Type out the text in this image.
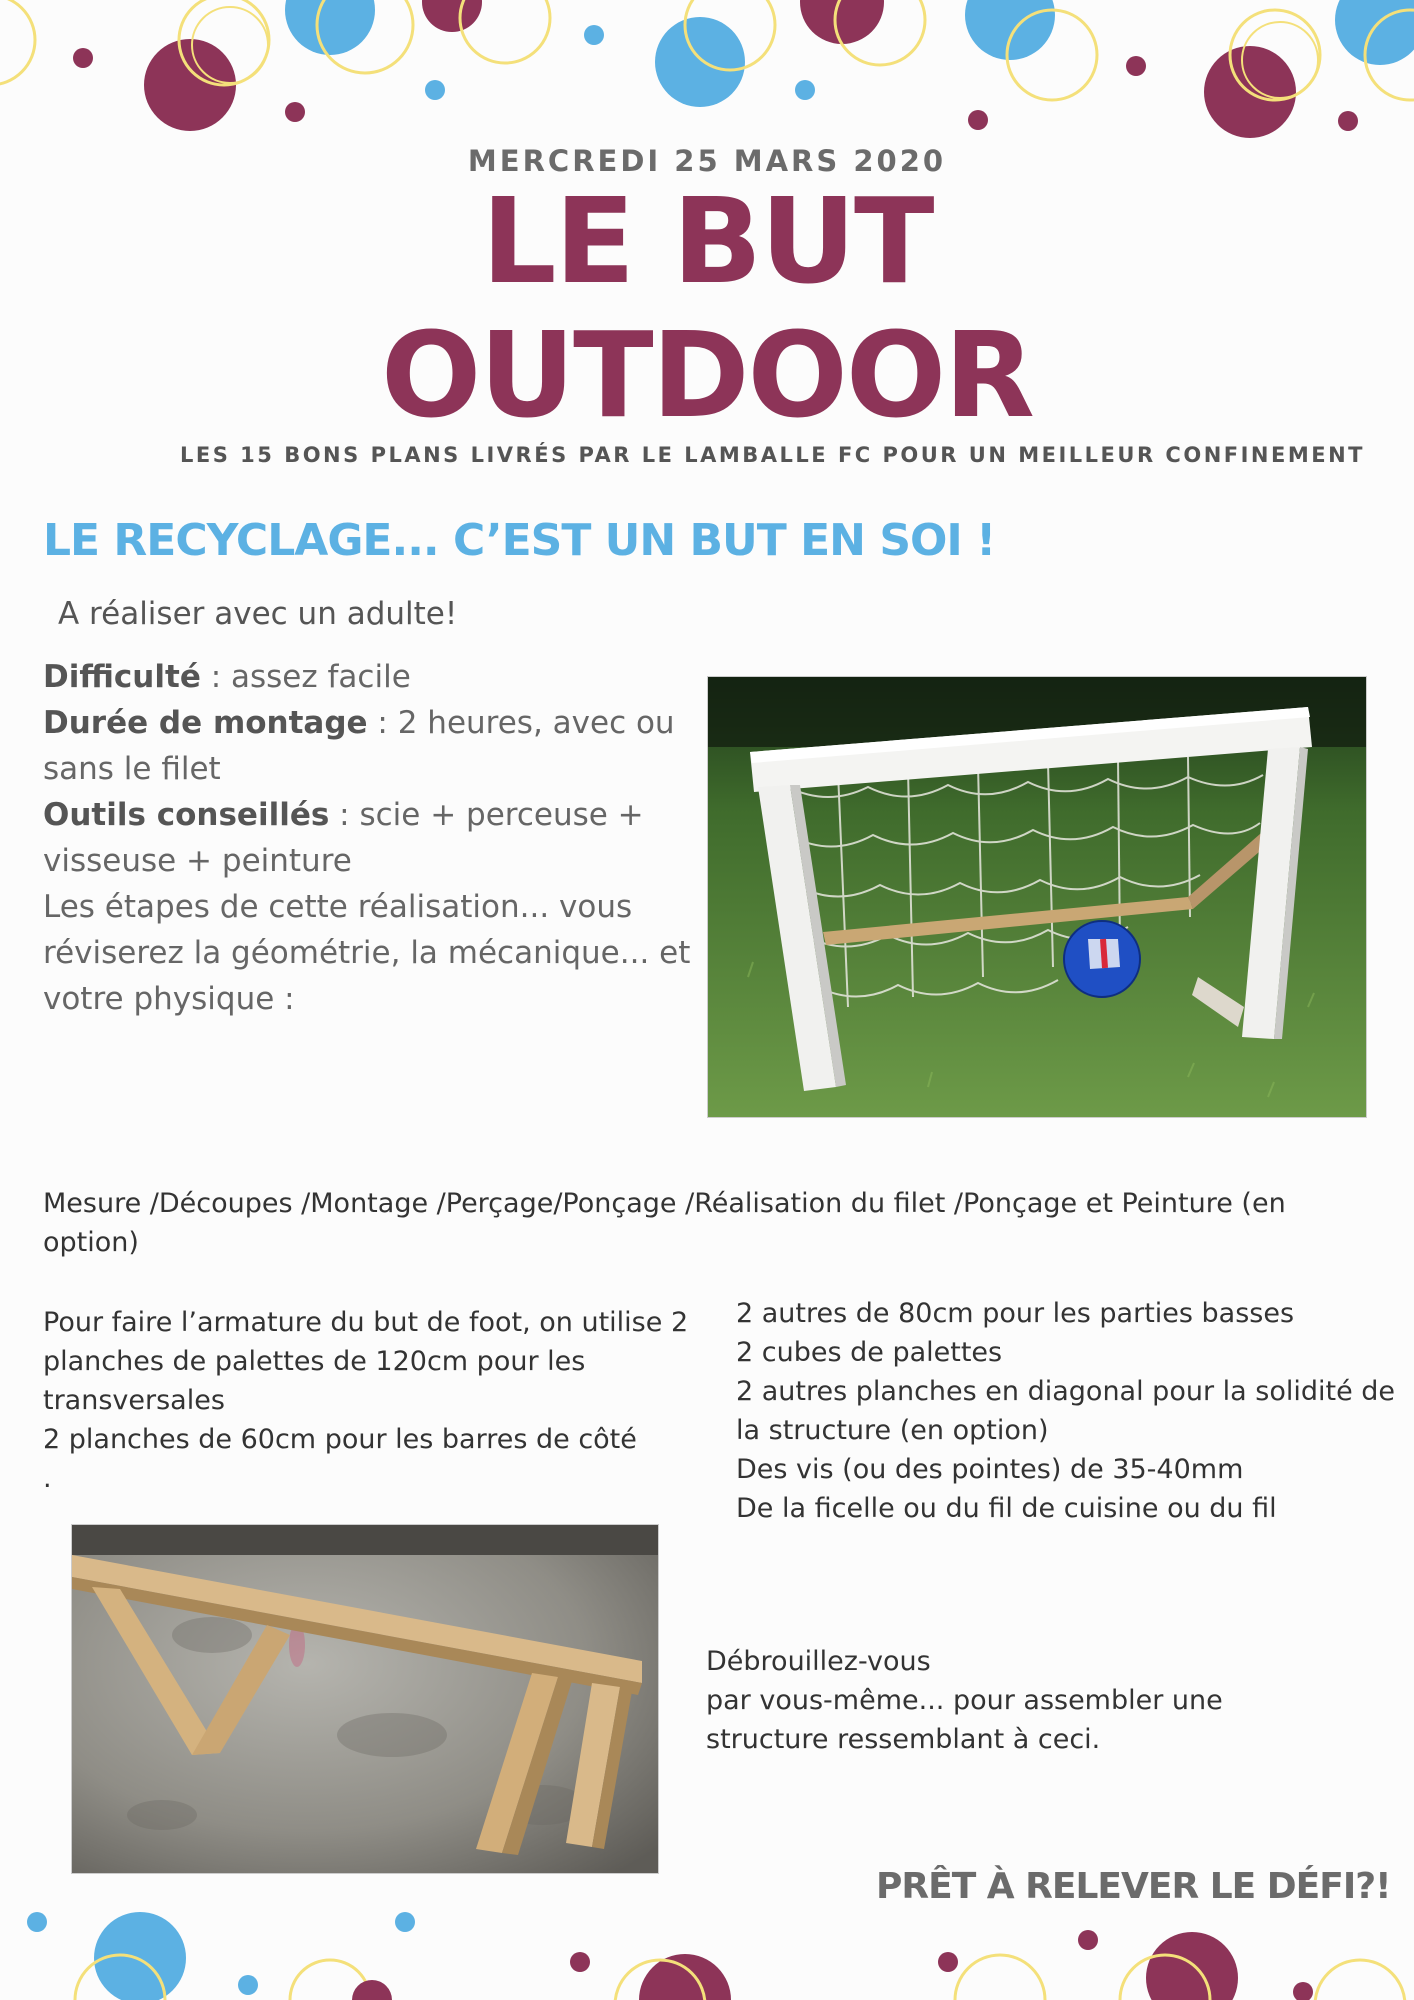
MERCREDI 25 MARS 2020

LE BUT
OUTDOOR

LES 15 BONS PLANS LIVRÉS PAR LE LAMBALLE FC POUR UN MEILLEUR CONFINEMENT

LE RECYCLAGE... C’EST UN BUT EN SOI !

A réaliser avec un adulte!

Difficulté : assez facile
Durée de montage : 2 heures, avec ou sans le filet
Outils conseillés : scie + perceuse + visseuse + peinture
Les étapes de cette réalisation... vous réviserez la géométrie, la mécanique... et votre physique :

Mesure /Découpes /Montage /Perçage/Ponçage /Réalisation du filet /Ponçage et Peinture (en option)

Pour faire l’armature du but de foot, on utilise 2 planches de palettes de 120cm pour les transversales

2 planches de 60cm pour les barres de côté

.

2 autres de 80cm pour les parties basses

2 cubes de palettes

2 autres planches en diagonal pour la solidité de la structure (en option)

Des vis (ou des pointes) de 35-40mm

De la ficelle ou du fil de cuisine ou du fil

Débrouillez-vous

par vous-même... pour assembler une structure ressemblant à ceci.

PRÊT À RELEVER LE DÉFI?!
